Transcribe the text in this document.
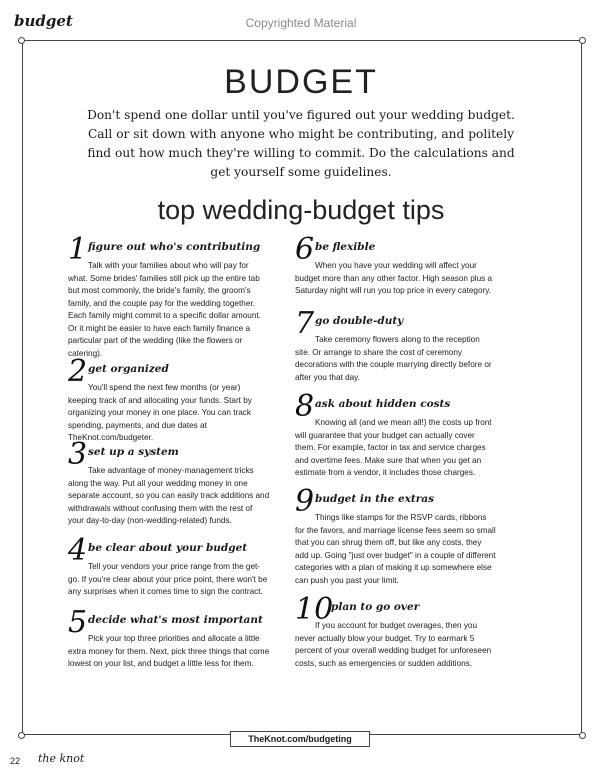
budget	Copyrighted Material
BUDGET

Don't spend one dollar until you've figured out your wedding budget. Call or sit down with anyone who might be contributing, and politely find out how much they're willing to commit. Do the calculations and get yourself some guidelines.

top wedding-budget tips
1 figure out who's contributing

Talk with your families about who will pay for what. Some brides' families still pick up the entire tab but most commonly, the bride's family, the groom's family, and the couple pay for the wedding together. Each family might commit to a specific dollar amount. Or it might be easier to have each family finance a particular part of the wedding (like the flowers or catering).

2 get organized

You'll spend the next few months (or year) keeping track of and allocating your funds. Start by organizing your money in one place. You can track spending, payments, and due dates at TheKnot.com/budgeter.

3 set up a system

Take advantage of money-management tricks along the way. Put all your wedding money in one separate account, so you can easily track additions and withdrawals without confusing them with the rest of your day-to-day (non-wedding-related) funds.

4 be clear about your budget

Tell your vendors your price range from the get-go. If you're clear about your price point, there won't be any surprises when it comes time to sign the contract.

5 decide what's most important

Pick your top three priorities and allocate a little extra money for them. Next, pick three things that come lowest on your list, and budget a little less for them.

6 be flexible

When you have your wedding will affect your budget more than any other factor. High season plus a Saturday night will run you top price in every category.

7 go double-duty

Take ceremony flowers along to the reception site. Or arrange to share the cost of ceremony decorations with the couple marrying directly before or after you that day.

8 ask about hidden costs

Knowing all (and we mean all!) the costs up front will guarantee that your budget can actually cover them. For example, factor in tax and service charges and overtime fees. Make sure that when you get an estimate from a vendor, it includes those charges.

9 budget in the extras

Things like stamps for the RSVP cards, ribbons for the favors, and marriage license fees seem so small that you can shrug them off, but like any costs, they add up. Going "just over budget" in a couple of different categories with a plan of making it up somewhere else can push you past your limit.

10
plan to go over

If you account for budget overages, then you never actually blow your budget. Try to earmark 5 percent of your overall wedding budget for unforeseen costs, such as emergencies or sudden additions.

TheKnot.com/budgeting
22 the knot
